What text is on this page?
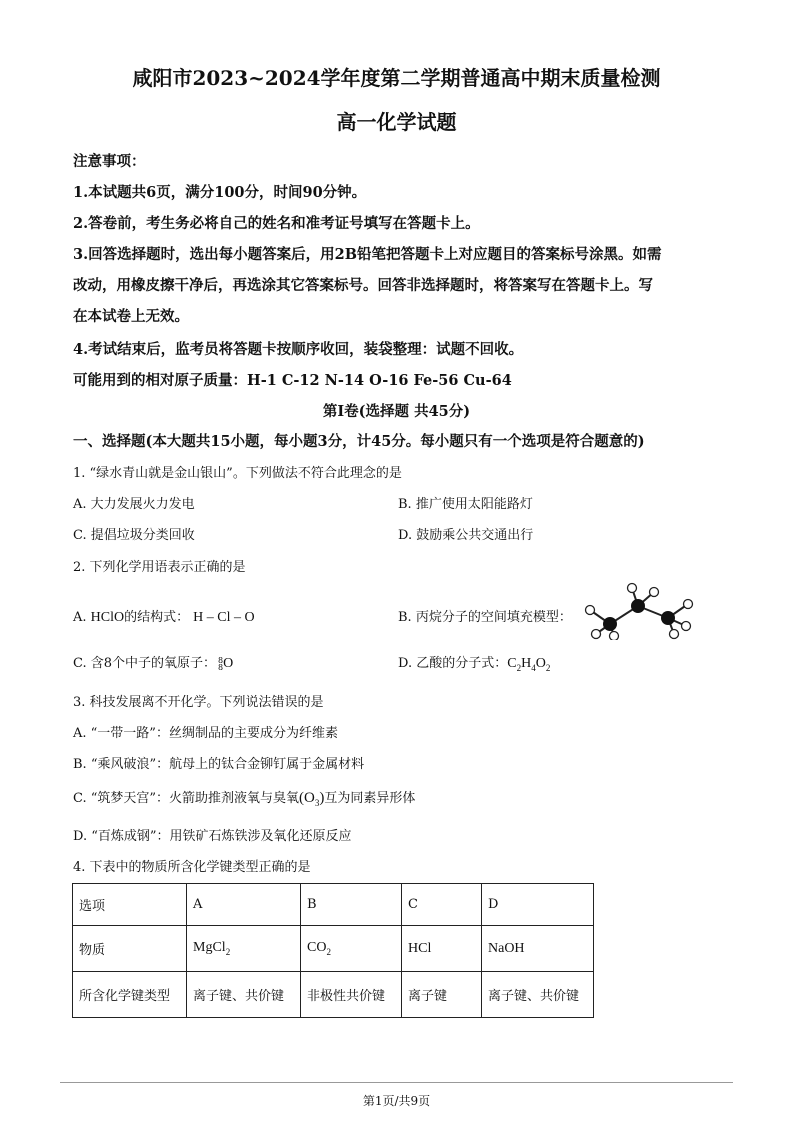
咸阳市2023~2024学年度第二学期普通高中期末质量检测
高一化学试题
注意事项：
1.本试题共6页，满分100分，时间90分钟。
2.答卷前，考生务必将自己的姓名和准考证号填写在答题卡上。
3.回答选择题时，选出每小题答案后，用2B铅笔把答题卡上对应题目的答案标号涂黑。如需
改动，用橡皮擦干净后，再选涂其它答案标号。回答非选择题时，将答案写在答题卡上。写
在本试卷上无效。
4.考试结束后，监考员将答题卡按顺序收回，装袋整理：试题不回收。
可能用到的相对原子质量：H-1 C-12 N-14 O-16 Fe-56 Cu-64
第I卷(选择题 共45分)
一、选择题(本大题共15小题，每小题3分，计45分。每小题只有一个选项是符合题意的)
1. “绿水青山就是金山银山”。下列做法不符合此理念的是
A. 大力发展火力发电	B. 推广使用太阳能路灯
C. 提倡垃圾分类回收	D. 鼓励乘公共交通出行
2. 下列化学用语表示正确的是
A. HClO的结构式： H – Cl – O	B. 丙烷分子的空间填充模型：
C. 含8个中子的氧原子： 8
8O	D. 乙酸的分子式：$C_2H_4O_2$
3. 科技发展离不开化学。下列说法错误的是
A. “一带一路”：丝绸制品的主要成分为纤维素
B. “乘风破浪”：航母上的钛合金铆钉属于金属材料
C. “筑梦天宫”：火箭助推剂液氧与臭氧$(O_3)$互为同素异形体
D. “百炼成钢”：用铁矿石炼铁涉及氧化还原反应
4. 下表中的物质所含化学键类型正确的是
选项	A	B	C	D
物质	MgCl$_2$	$CO_2$	HCl	NaOH
所含化学键类型	离子键、共价键	非极性共价键	离子键	离子键、共价键
第1页/共9页
